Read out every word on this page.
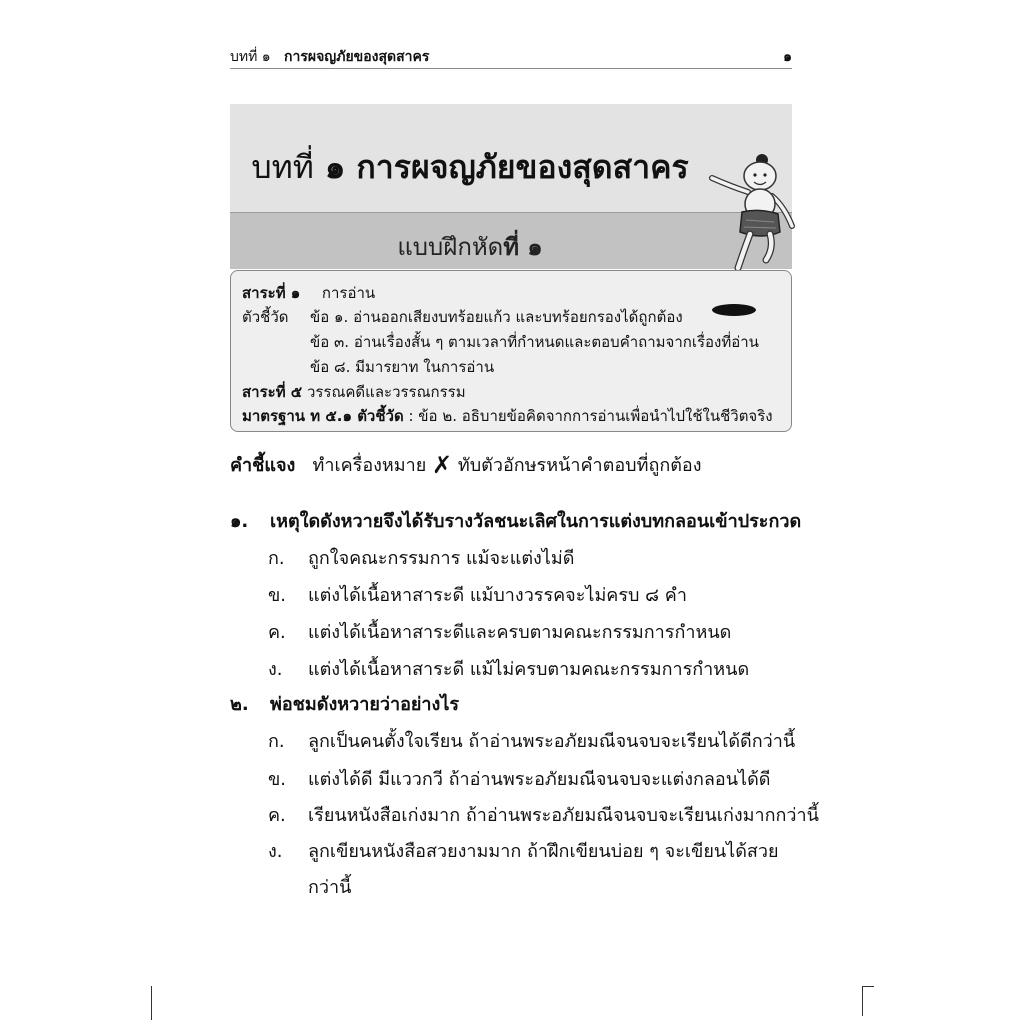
บทที่ ๑ การผจญภัยของสุดสาคร	๑
บทที่ ๑ การผจญภัยของสุดสาคร
แบบฝึกหัดที่ ๑
สาระที่ ๑ การอ่าน
ตัวชี้วัด ข้อ ๑. อ่านออกเสียงบทร้อยแก้ว และบทร้อยกรองได้ถูกต้อง
ข้อ ๓. อ่านเรื่องสั้น ๆ ตามเวลาที่กำหนดและตอบคำถามจากเรื่องที่อ่าน
ข้อ ๘. มีมารยาท ในการอ่าน
สาระที่ ๕ วรรณคดีและวรรณกรรม
มาตรฐาน ท ๕.๑ ตัวชี้วัด : ข้อ ๒. อธิบายข้อคิดจากการอ่านเพื่อนำไปใช้ในชีวิตจริง
คำชี้แจง ทำเครื่องหมาย ✗ ทับตัวอักษรหน้าคำตอบที่ถูกต้อง
๑. เหตุใดดังหวายจึงได้รับรางวัลชนะเลิศในการแต่งบทกลอนเข้าประกวด
ก. ถูกใจคณะกรรมการ แม้จะแต่งไม่ดี
ข. แต่งได้เนื้อหาสาระดี แม้บางวรรคจะไม่ครบ ๘ คำ
ค. แต่งได้เนื้อหาสาระดีและครบตามคณะกรรมการกำหนด
ง. แต่งได้เนื้อหาสาระดี แม้ไม่ครบตามคณะกรรมการกำหนด
๒. พ่อชมดังหวายว่าอย่างไร
ก. ลูกเป็นคนตั้งใจเรียน ถ้าอ่านพระอภัยมณีจนจบจะเรียนได้ดีกว่านี้
ข. แต่งได้ดี มีแววกวี ถ้าอ่านพระอภัยมณีจนจบจะแต่งกลอนได้ดี
ค. เรียนหนังสือเก่งมาก ถ้าอ่านพระอภัยมณีจนจบจะเรียนเก่งมากกว่านี้
ง. ลูกเขียนหนังสือสวยงามมาก ถ้าฝึกเขียนบ่อย ๆ จะเขียนได้สวย
กว่านี้
